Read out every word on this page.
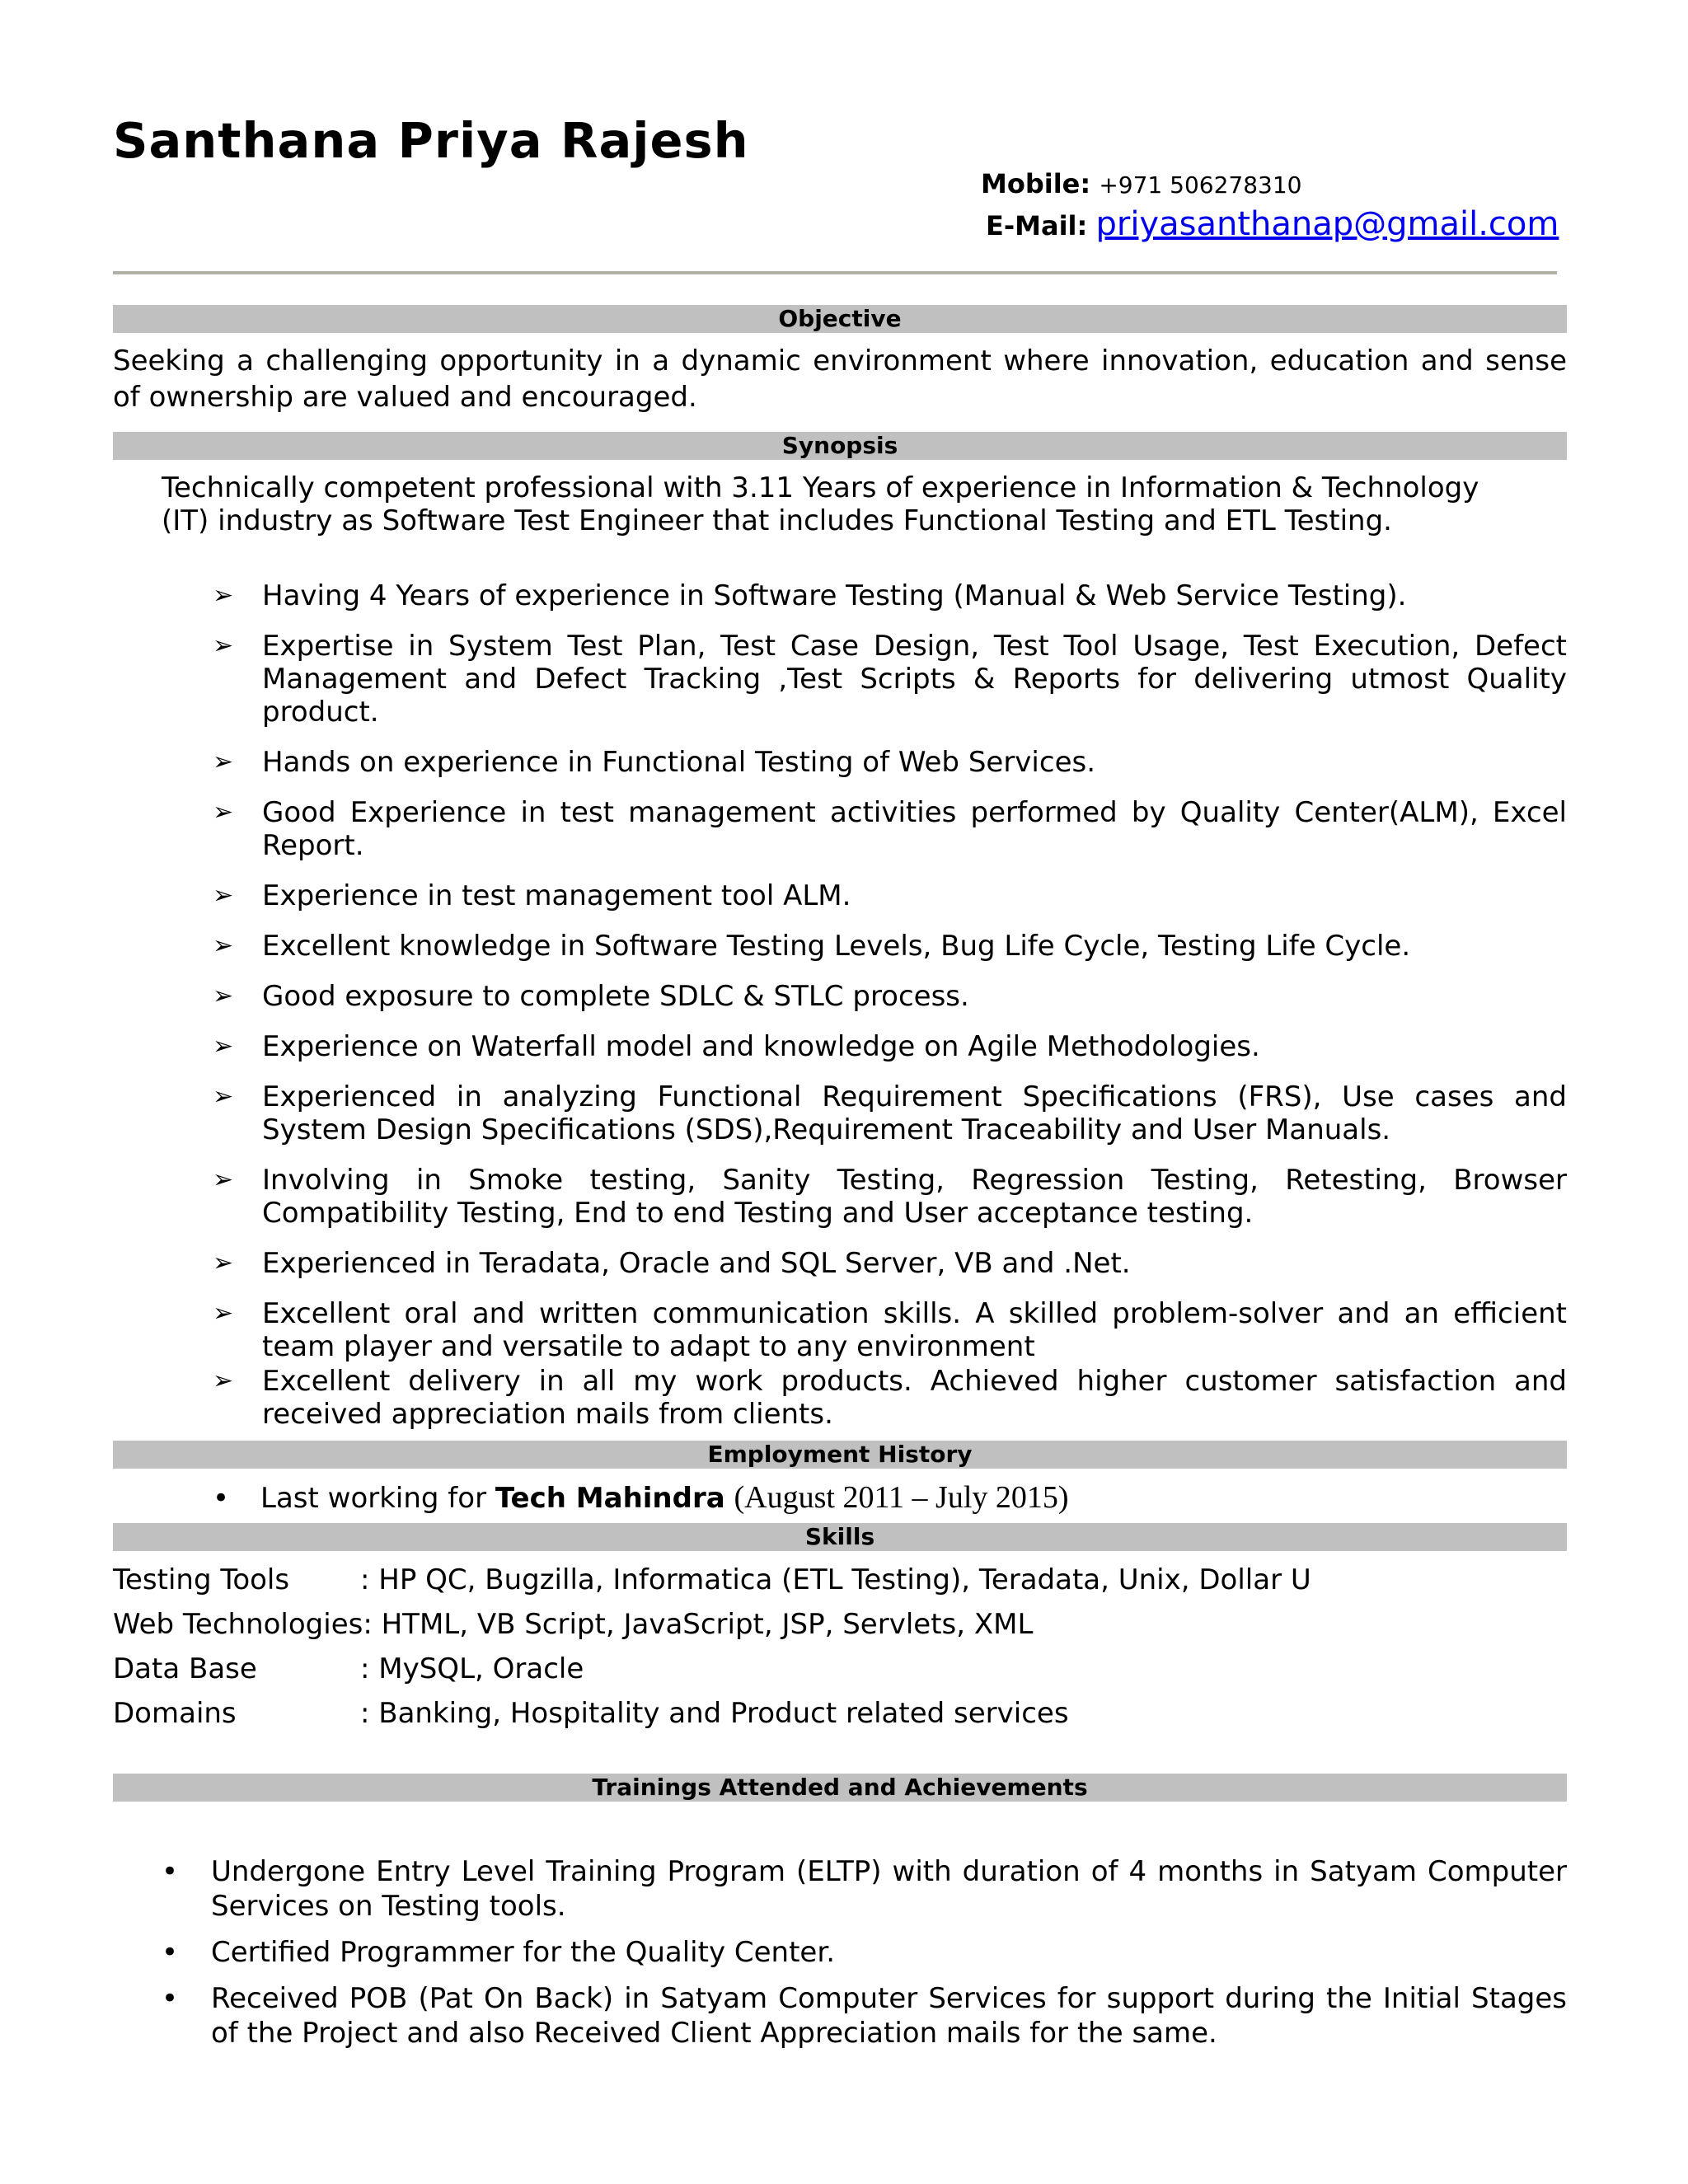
Santhana Priya Rajesh
Mobile: +971 506278310
E-Mail: priyasanthanap@gmail.com
Objective

Seeking a challenging opportunity in a dynamic environment where innovation, education and sense of ownership are valued and encouraged.

Synopsis

Technically competent professional with 3.11 Years of experience in Information & Technology (IT) industry as Software Test Engineer that includes Functional Testing and ETL Testing.

➢ Having 4 Years of experience in Software Testing (Manual & Web Service Testing).
➢ Expertise in System Test Plan, Test Case Design, Test Tool Usage, Test Execution, Defect Management and Defect Tracking ,Test Scripts & Reports for delivering utmost Quality product.
➢ Hands on experience in Functional Testing of Web Services.
➢ Good Experience in test management activities performed by Quality Center(ALM), Excel Report.
➢ Experience in test management tool ALM.
➢ Excellent knowledge in Software Testing Levels, Bug Life Cycle, Testing Life Cycle.
➢ Good exposure to complete SDLC & STLC process.
➢ Experience on Waterfall model and knowledge on Agile Methodologies.
➢ Experienced in analyzing Functional Requirement Specifications (FRS), Use cases and System Design Specifications (SDS),Requirement Traceability and User Manuals.
➢ Involving in Smoke testing, Sanity Testing, Regression Testing, Retesting, Browser Compatibility Testing, End to end Testing and User acceptance testing.
➢ Experienced in Teradata, Oracle and SQL Server, VB and .Net.
➢ Excellent oral and written communication skills. A skilled problem-solver and an efficient team player and versatile to adapt to any environment
➢ Excellent delivery in all my work products. Achieved higher customer satisfaction and received appreciation mails from clients.
Employment History
• Last working for Tech Mahindra (August 2011 – July 2015)
Skills
Testing Tools	: HP QC, Bugzilla, Informatica (ETL Testing), Teradata, Unix, Dollar U
Web Technologies: HTML, VB Script, JavaScript, JSP, Servlets, XML
Data Base	: MySQL, Oracle
Domains	: Banking, Hospitality and Product related services
Trainings Attended and Achievements
• Undergone Entry Level Training Program (ELTP) with duration of 4 months in Satyam Computer Services on Testing tools.
• Certified Programmer for the Quality Center.
• Received POB (Pat On Back) in Satyam Computer Services for support during the Initial Stages of the Project and also Received Client Appreciation mails for the same.
